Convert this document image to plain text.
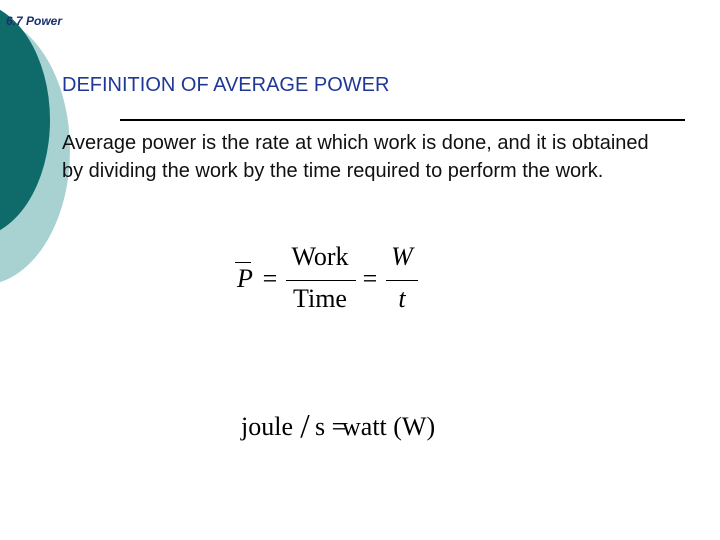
6.7 Power
DEFINITION OF AVERAGE POWER
Average power is the rate at which work is done, and it is obtained by dividing the work by the time required to perform the work.
P =
Work
Time
=
W
t
joule / s =
watt (W)
